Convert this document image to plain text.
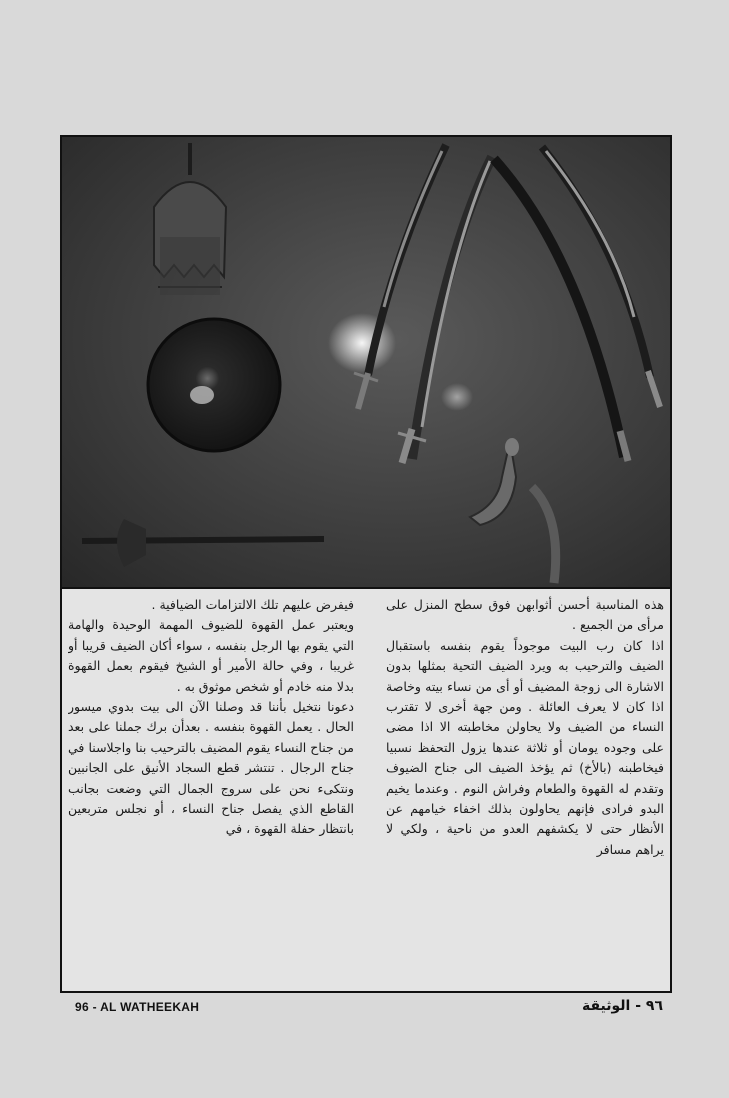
هذه المناسبة أحسن أثوابهن فوق سطح المنزل على مرأى من الجميع .

اذا كان رب البيت موجوداً يقوم بنفسه باستقبال الضيف والترحيب به ويرد الضيف التحية بمثلها بدون الاشارة الى زوجة المضيف أو أى من نساء بيته وخاصة اذا كان لا يعرف العائلة . ومن جهة أخرى لا تقترب النساء من الضيف ولا يحاولن مخاطبته الا اذا مضى على وجوده يومان أو ثلاثة عندها يزول التحفظ نسبيا فيخاطبنه (بالأخ) ثم يؤخذ الضيف الى جناح الضيوف وتقدم له القهوة والطعام وفراش النوم . وعندما يخيم البدو فرادى فإنهم يحاولون بذلك اخفاء خيامهم عن الأنظار حتى لا يكشفهم العدو من ناحية ، ولكي لا يراهم مسافر

فيفرض عليهم تلك الالتزامات الضيافية .

ويعتبر عمل القهوة للضيوف المهمة الوحيدة والهامة التي يقوم بها الرجل بنفسه ، سواء أكان الضيف قريبا أو غريبا ، وفي حالة الأمير أو الشيخ فيقوم بعمل القهوة بدلا منه خادم أو شخص موثوق به .

دعونا نتخيل بأننا قد وصلنا الآن الى بيت بدوي ميسور الحال . يعمل القهوة بنفسه . بعدأن برك جملنا على بعد من جناح النساء يقوم المضيف بالترحيب بنا واجلاسنا في جناح الرجال . تنتشر قطع السجاد الأنيق على الجانبين ونتكىء نحن على سروج الجمال التي وضعت بجانب القاطع الذي يفصل جناح النساء ، أو نجلس متربعين بانتظار حفلة القهوة ، في

96 - AL WATHEEKAH	٩٦ - الوثيقة
